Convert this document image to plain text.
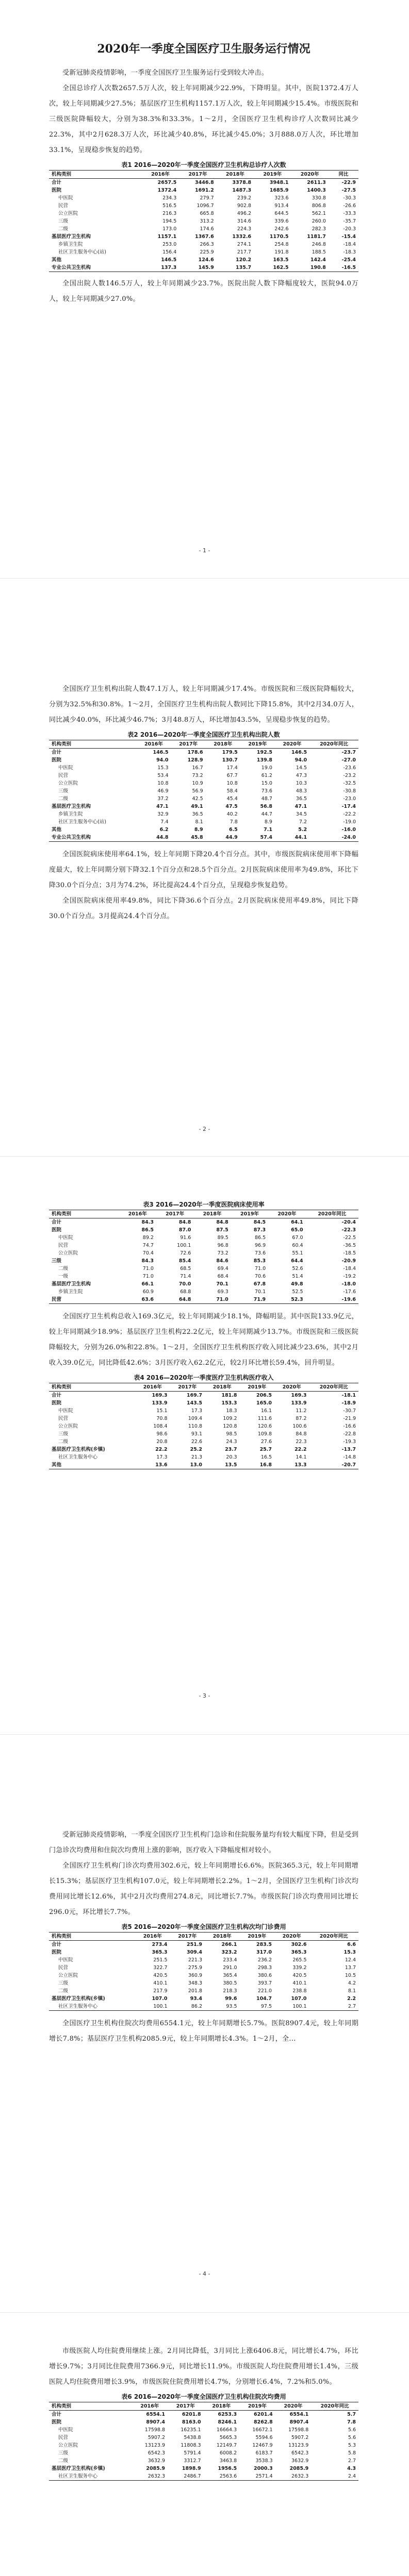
2020年一季度全国医疗卫生服务运行情况

受新冠肺炎疫情影响，一季度全国医疗卫生服务运行受到较大冲击。

全国总诊疗人次数2657.5万人次，较上年同期减少22.9%，下降明显。其中，医院1372.4万人次，较上年同期减少27.5%；基层医疗卫生机构1157.1万人次，较上年同期减少15.4%。市级医院和三级医院降幅较大，分别为38.3%和33.3%。1～2月，全国医疗卫生机构诊疗人次数同比减少22.3%，其中2月628.3万人次，环比减少40.8%，环比减少45.0%；3月888.0万人次，环比增加33.1%，呈现稳步恢复的趋势。

表1 2016—2020年一季度全国医疗卫生机构总诊疗人次数
机构类别	2016年	2017年	2018年	2019年	2020年	同比
合计	2657.5	3446.8	3378.8	3948.1	2611.3	-22.9
医院	1372.4	1691.2	1487.3	1685.9	1400.3	-27.5
中医院	234.3	279.7	239.2	323.6	330.8	-30.3
民营	516.5	1096.7	902.8	913.4	806.8	-26.6
公立医院	216.3	665.8	496.2	644.5	562.1	-33.3
三级	194.5	313.2	314.6	339.6	260.0	-35.7
二级	173.0	174.6	224.3	242.6	282.3	-20.3
基层医疗卫生机构	1157.1	1367.6	1332.6	1170.5	1181.7	-15.4
乡镇卫生院	253.0	266.3	274.1	254.8	246.8	-18.4
社区卫生服务中心(站)	156.4	225.9	217.7	191.8	188.5	-18.3
其他	146.5	124.6	120.2	163.5	142.4	-25.4
专业公共卫生机构	137.3	145.9	135.7	162.5	190.8	-16.5

全国出院人数146.5万人，较上年同期减少23.7%。医院出院人数下降幅度较大，医院94.0万人，较上年同期减少27.0%。

- 1 -

全国医疗卫生机构出院人数47.1万人，较上年同期减少17.4%。市级医院和三级医院降幅较大，分别为32.5%和30.8%。1～2月，全国医疗卫生机构出院人数同比下降15.8%，其中2月34.0万人，同比减少40.0%，环比减少46.7%；3月48.8万人，环比增加43.5%，呈现稳步恢复的趋势。

表2 2016—2020年一季度全国医疗卫生机构出院人数
机构类别	2016年	2017年	2018年	2019年	2020年	2020年同比
合计	146.5	178.6	179.5	192.5	146.5	-23.7
医院	94.0	128.9	130.7	139.8	94.0	-27.0
中医院	15.3	16.7	17.4	19.0	14.5	-23.6
民营	53.4	73.2	67.7	61.2	47.3	-23.2
公立医院	10.8	10.9	10.8	15.0	10.3	-32.5
三级	46.9	56.9	58.4	73.6	48.3	-30.8
二级	37.2	42.5	45.4	48.7	36.5	-23.0
基层医疗卫生机构	47.1	49.1	47.5	56.8	47.1	-17.4
乡镇卫生院	32.9	36.5	40.2	44.7	34.5	-22.2
社区卫生服务中心(站)	7.4	8.1	7.8	8.9	7.2	-19.0
其他	6.2	8.9	6.5	7.1	5.2	-16.0
专业公共卫生机构	44.8	45.8	44.9	57.4	44.1	-24.0

全国医院病床使用率64.1%，较上年同期下降20.4个百分点。其中，市级医院病床使用率下降幅度最大，较上年同期分别下降32.1个百分点和28.5个百分点。2月医院病床使用率为49.8%，环比下降30.0个百分点；3月为74.2%，环比提高24.4个百分点，呈现稳步恢复趋势。

全国医院病床使用率49.8%，同比下降36.6个百分点。2月医院病床使用率49.8%，同比下降30.0个百分点。3月提高24.4个百分点。

- 2 -
表3 2016—2020年一季度医院病床使用率
机构类别	2016年	2017年	2018年	2019年	2020年	2020年同比
合计	84.3	84.8	84.8	84.5	64.1	-20.4
医院	86.5	87.0	87.5	87.3	65.0	-22.3
中医院	89.2	91.6	89.5	86.5	67.0	-22.5
民营	74.7	100.1	96.8	96.9	60.4	-36.5
公立医院	70.4	72.6	73.2	73.6	55.1	-18.5
三级	84.3	85.4	84.6	85.3	64.4	-20.9
二级	71.0	68.5	69.4	71.0	52.6	-18.4
一级	71.0	71.4	68.4	70.6	51.4	-19.2
基层医疗卫生机构	66.1	70.0	70.1	67.8	49.8	-18.0
乡镇卫生院	60.9	68.8	69.3	70.1	52.5	-17.6
民营	63.6	64.8	71.0	71.9	52.3	-19.6

全国医疗卫生机构总收入169.3亿元，较上年同期减少18.1%，降幅明显。其中医院133.9亿元，较上年同期减少18.9%；基层医疗卫生机构22.2亿元，较上年同期减少13.7%。市级医院和三级医院降幅较大，分别为26.0%和22.8%。1～2月，全国医疗卫生机构医疗收入同比减少23.6%，其中2月收入39.0亿元，同比降低42.6%；3月医疗收入62.2亿元，较2月环比增长59.4%，回升明显。

表4 2016—2020年一季度医疗卫生机构医疗收入
机构类别	2016年	2017年	2018年	2019年	2020年	2020年同比
合计	169.3	169.7	181.8	206.5	169.3	-18.1
医院	133.9	143.5	153.3	165.0	133.9	-18.9
中医院	15.1	17.3	18.3	16.1	11.2	-30.7
民营	70.8	109.4	109.2	111.6	87.2	-21.9
公立医院	108.4	110.8	120.8	120.6	100.6	-16.6
三级	98.6	93.1	98.5	109.8	84.8	-22.8
二级	20.8	22.6	24.3	27.6	22.3	-19.3
基层医疗卫生机构(乡镇)	22.2	25.2	23.7	25.7	22.2	-13.7
社区卫生服务中心	17.3	21.3	20.3	16.5	14.1	-14.8
其他	13.6	13.0	13.5	16.8	13.3	-20.7
- 3 -

受新冠肺炎疫情影响，一季度全国医疗卫生机构门急诊和住院服务量均有较大幅度下降，但是受到门急诊次均费用和住院次均费用上涨的影响，医疗收入下降幅度相对较小。

全国医疗卫生机构门诊次均费用302.6元，较上年同期增长6.6%。医院365.3元，较上年同期增长15.3%；基层医疗卫生机构107.0元，较上年同期增长2.2%。1～2月，全国医疗卫生机构门诊次均费用同比增长12.6%，其中2月次均费用274.8元，同比增长7.7%。市级医院门诊次均费用同比增长296.0元，环比增长7.7%。

表5 2016—2020年一季度全国医疗卫生机构次均门诊费用
机构类别	2016年	2017年	2018年	2019年	2020年	2020年同比
合计	273.4	251.9	266.1	283.5	302.6	6.6
医院	365.3	309.4	323.2	317.0	365.3	15.3
中医院	251.5	221.3	233.4	236.2	265.5	12.4
民营	322.7	275.9	291.0	298.3	339.2	13.7
公立医院	420.5	360.9	365.4	380.6	420.5	10.5
三级	410.1	348.3	380.5	393.7	410.1	4.2
二级	217.9	201.8	218.3	221.0	238.8	8.1
基层医疗卫生机构(乡镇)	107.0	93.4	99.6	104.7	107.0	2.2
社区卫生服务中心	100.1	86.2	93.5	97.5	100.1	2.7

全国医疗卫生机构住院次均费用6554.1元，较上年同期增长5.7%。医院8907.4元，较上年同期增长7.8%；基层医疗卫生机构2085.9元，较上年同期增长4.3%。1～2月，全...

- 4 -

市级医院人均住院费用继续上涨。2月同比降低，3月同比上涨6406.8元，同比增长4.7%，环比增长9.7%；3月同比住院费用7366.9元，同比增长11.9%。市级医院人均住院费用增长1.4%，三级医院人均住院费用增长3.9%，市级医院住院费用增长4.7%，分别增长6.4%，7.2%和5.0%。

表6 2016—2020年一季度全国医疗卫生机构住院次均费用
机构类别	2016年	2017年	2018年	2019年	2020年	2020年同比
合计	6554.1	6201.8	6253.3	6201.4	6554.1	5.7
医院	8907.4	8163.0	8246.1	8262.8	8907.4	7.8
中医院	17598.8	16235.1	16664.3	16672.1	17598.8	5.6
民营	5907.2	5438.8	5665.3	5594.6	5907.2	5.6
公立医院	13123.9	11808.3	12149.7	12467.9	13123.9	5.3
三级	6542.3	5791.4	6008.2	6183.7	6542.3	5.8
二级	3632.9	3312.7	3463.8	3538.3	3632.9	2.7
基层医疗卫生机构(乡镇)	2085.9	1898.9	1956.5	2000.3	2085.9	4.3
社区卫生服务中心	2632.3	2486.7	2563.6	2571.4	2632.3	2.4
